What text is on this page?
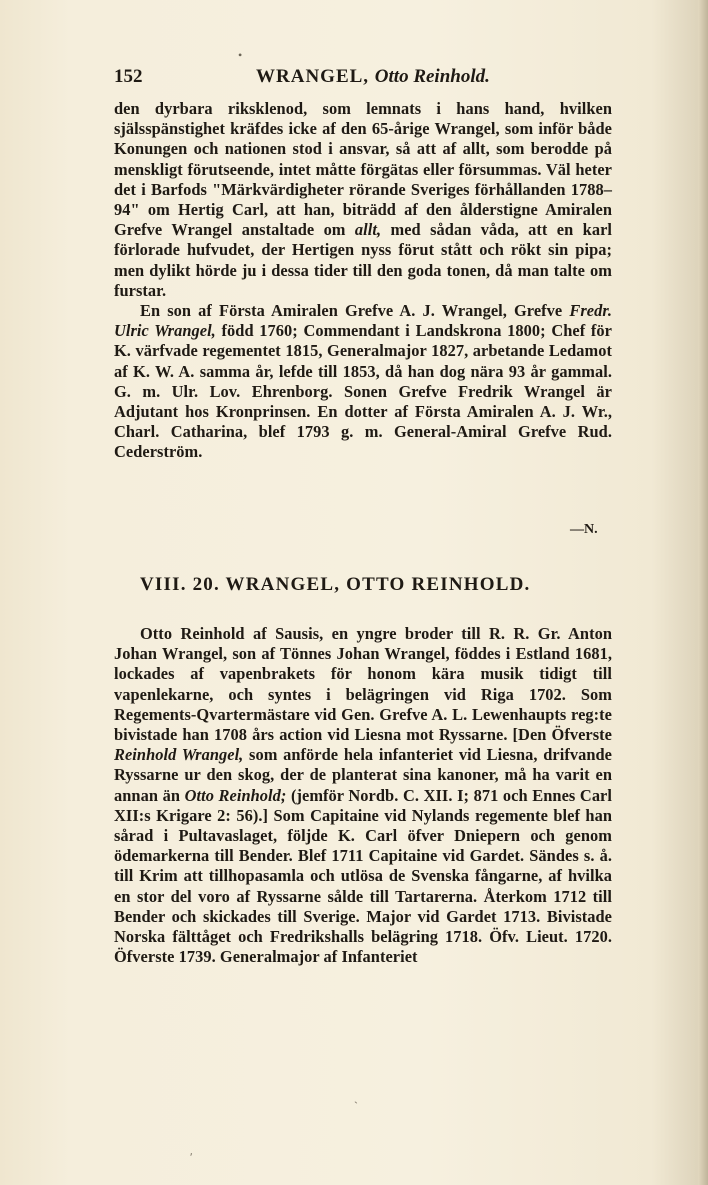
152	WRANGEL, Otto Reinhold.

den dyrbara riksklenod, som lemnats i hans hand, hvilken själsspänstighet kräfdes icke af den 65-årige Wrangel, som inför både Konungen och nationen stod i ansvar, så att af allt, som berodde på menskligt förutseende, intet måtte förgätas eller försummas. Väl heter det i Barfods "Märkvärdigheter rörande Sveriges förhållanden 1788–94" om Hertig Carl, att han, biträdd af den ålderstigne Amiralen Grefve Wrangel anstaltade om allt, med sådan våda, att en karl förlorade hufvudet, der Hertigen nyss förut stått och rökt sin pipa; men dylikt hörde ju i dessa tider till den goda tonen, då man talte om furstar.

En son af Första Amiralen Grefve A. J. Wrangel, Grefve Fredr. Ulric Wrangel, född 1760; Commendant i Landskrona 1800; Chef för K. värfvade regementet 1815, Generalmajor 1827, arbetande Ledamot af K. W. A. samma år, lefde till 1853, då han dog nära 93 år gammal. G. m. Ulr. Lov. Ehrenborg. Sonen Grefve Fredrik Wrangel är Adjutant hos Kronprinsen. En dotter af Första Amiralen A. J. Wr., Charl. Catharina, blef 1793 g. m. General-Amiral Grefve Rud. Cederström.

—N.
VIII. 20. WRANGEL, OTTO REINHOLD.

Otto Reinhold af Sausis, en yngre broder till R. R. Gr. Anton Johan Wrangel, son af Tönnes Johan Wrangel, föddes i Estland 1681, lockades af vapenbrakets för honom kära musik tidigt till vapenlekarne, och syntes i belägringen vid Riga 1702. Som Regements-Qvartermästare vid Gen. Grefve A. L. Lewenhaupts reg:te bivistade han 1708 års action vid Liesna mot Ryssarne. [Den Öfverste Reinhold Wrangel, som anförde hela infanteriet vid Liesna, drifvande Ryssarne ur den skog, der de planterat sina kanoner, må ha varit en annan än Otto Reinhold; (jemför Nordb. C. XII. I; 871 och Ennes Carl XII:s Krigare 2: 56).] Som Capitaine vid Nylands regemente blef han sårad i Pultavaslaget, följde K. Carl öfver Dniepern och genom ödemarkerna till Bender. Blef 1711 Capitaine vid Gardet. Sändes s. å. till Krim att tillhopasamla och utlösa de Svenska fångarne, af hvilka en stor del voro af Ryssarne sålde till Tartarerna. Återkom 1712 till Bender och skickades till Sverige. Major vid Gardet 1713. Bivistade Norska fälttåget och Fredrikshalls belägring 1718. Öfv. Lieut. 1720. Öfverste 1739. Generalmajor af Infanteriet

•
ˎ
ʹ
